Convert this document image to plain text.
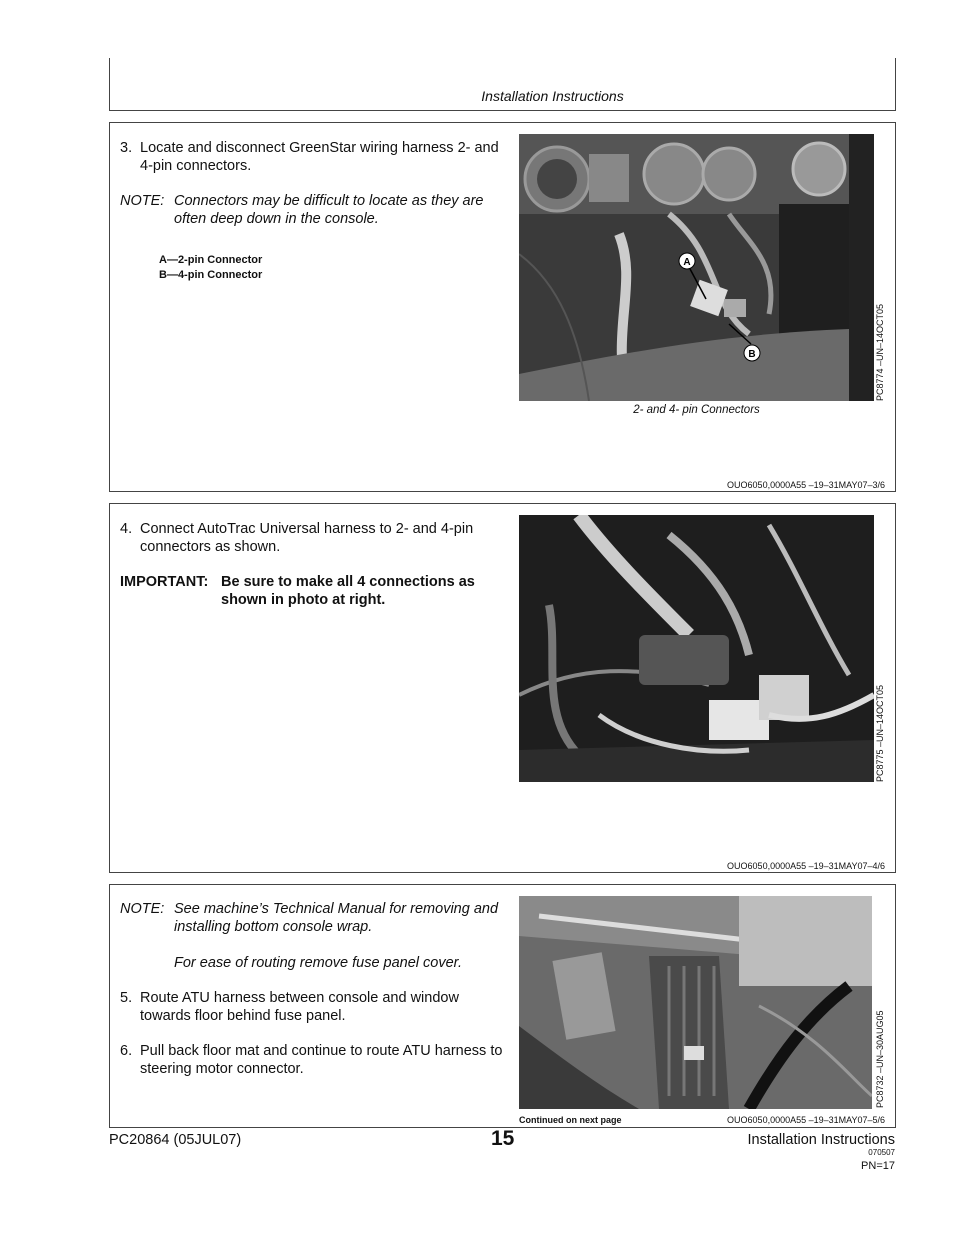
Installation Instructions
3. Locate and disconnect GreenStar wiring harness 2- and 4-pin connectors.
NOTE: Connectors may be difficult to locate as they are often deep down in the console.
A—2-pin Connector
B—4-pin Connector
A
B	PC8774 –UN–14OCT05
2- and 4- pin Connectors
OUO6050,0000A55 –19–31MAY07–3/6
4. Connect AutoTrac Universal harness to 2- and 4-pin connectors as shown.
IMPORTANT: Be sure to make all 4 connections as shown in photo at right.
PC8775 –UN–14OCT05
OUO6050,0000A55 –19–31MAY07–4/6
NOTE: See machine’s Technical Manual for removing and installing bottom console wrap.
For ease of routing remove fuse panel cover.
5. Route ATU harness between console and window towards floor behind fuse panel.
6. Pull back floor mat and continue to route ATU harness to steering motor connector.	PC8732 –UN–30AUG05
Continued on next page	OUO6050,0000A55 –19–31MAY07–5/6
PC20864 (05JUL07)	15	Installation Instructions
070507
PN=17
